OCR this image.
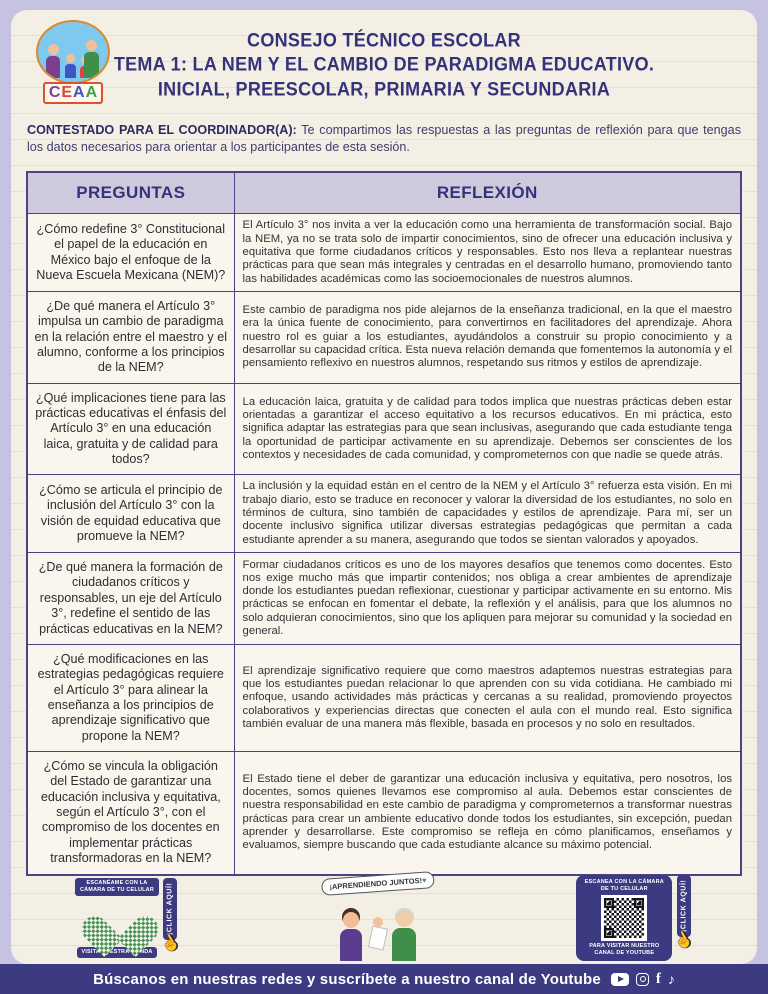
C E A A
CONSEJO TÉCNICO ESCOLAR
TEMA 1: LA NEM Y EL CAMBIO DE PARADIGMA EDUCATIVO.
INICIAL, PREESCOLAR, PRIMARIA Y SECUNDARIA

CONTESTADO PARA EL COORDINADOR(A): Te compartimos las respuestas a las preguntas de reflexión para que tengas los datos necesarios para orientar a los participantes de esta sesión.

PREGUNTAS	REFLEXIÓN
¿Cómo redefine 3° Constitucional el papel de la educación en México bajo el enfoque de la Nueva Escuela Mexicana (NEM)?	El Artículo 3° nos invita a ver la educación como una herramienta de transformación social. Bajo la NEM, ya no se trata solo de impartir conocimientos, sino de ofrecer una educación inclusiva y equitativa que forme ciudadanos críticos y responsables. Esto nos lleva a replantear nuestras prácticas para que sean más integrales y centradas en el desarrollo humano, promoviendo tanto las habilidades académicas como las socioemocionales de nuestros alumnos.
¿De qué manera el Artículo 3° impulsa un cambio de paradigma en la relación entre el maestro y el alumno, conforme a los principios de la NEM?	Este cambio de paradigma nos pide alejarnos de la enseñanza tradicional, en la que el maestro era la única fuente de conocimiento, para convertirnos en facilitadores del aprendizaje. Ahora nuestro rol es guiar a los estudiantes, ayudándolos a construir su propio conocimiento y a desarrollar su capacidad crítica. Esta nueva relación demanda que fomentemos la autonomía y el pensamiento reflexivo en nuestros alumnos, respetando sus ritmos y estilos de aprendizaje.
¿Qué implicaciones tiene para las prácticas educativas el énfasis del Artículo 3° en una educación laica, gratuita y de calidad para todos?	La educación laica, gratuita y de calidad para todos implica que nuestras prácticas deben estar orientadas a garantizar el acceso equitativo a los recursos educativos. En mi práctica, esto significa adaptar las estrategias para que sean inclusivas, asegurando que cada estudiante tenga la oportunidad de participar activamente en su aprendizaje. Debemos ser conscientes de los contextos y necesidades de cada comunidad, y comprometernos con que nadie se quede atrás.
¿Cómo se articula el principio de inclusión del Artículo 3° con la visión de equidad educativa que promueve la NEM?	La inclusión y la equidad están en el centro de la NEM y el Artículo 3° refuerza esta visión. En mi trabajo diario, esto se traduce en reconocer y valorar la diversidad de los estudiantes, no solo en términos de cultura, sino también de capacidades y estilos de aprendizaje. Para mí, ser un docente inclusivo significa utilizar diversas estrategias pedagógicas que permitan a cada estudiante aprender a su manera, asegurando que todos se sientan valorados y apoyados.
¿De qué manera la formación de ciudadanos críticos y responsables, un eje del Artículo 3°, redefine el sentido de las prácticas educativas en la NEM?	Formar ciudadanos críticos es uno de los mayores desafíos que tenemos como docentes. Esto nos exige mucho más que impartir contenidos; nos obliga a crear ambientes de aprendizaje donde los estudiantes puedan reflexionar, cuestionar y participar activamente en su entorno. Mis prácticas se enfocan en fomentar el debate, la reflexión y el análisis, para que los alumnos no solo adquieran conocimientos, sino que los apliquen para mejorar su comunidad y la sociedad en general.
¿Qué modificaciones en las estrategias pedagógicas requiere el Artículo 3° para alinear la enseñanza a los principios de aprendizaje significativo que propone la NEM?	El aprendizaje significativo requiere que como maestros adaptemos nuestras estrategias para que los estudiantes puedan relacionar lo que aprenden con su vida cotidiana. He cambiado mi enfoque, usando actividades más prácticas y cercanas a su realidad, promoviendo proyectos colaborativos y experiencias directas que conecten el aula con el mundo real. Esto significa también evaluar de una manera más flexible, basada en procesos y no solo en resultados.
¿Cómo se vincula la obligación del Estado de garantizar una educación inclusiva y equitativa, según el Artículo 3°, con el compromiso de los docentes en implementar prácticas transformadoras en la NEM?	El Estado tiene el deber de garantizar una educación inclusiva y equitativa, pero nosotros, los docentes, somos quienes llevamos ese compromiso al aula. Debemos estar conscientes de nuestra responsabilidad en este cambio de paradigma y comprometernos a transformar nuestras prácticas para crear un ambiente educativo donde todos los estudiantes, sin excepción, puedan aprender y desarrollarse. Este compromiso se refleja en cómo planificamos, enseñamos y evaluamos, siempre buscando que cada estudiante alcance su máximo potencial.
ESCANÉAME CON LA CÁMARA DE TU CELULAR
VISITA NUESTRA TIENDA
¡CLICK AQUÍ!
☝
¡APRENDIENDO JUNTOS!♥	ESCANEA CON LA CÁMARA DE TU CELULAR
PARA VISITAR NUESTRO CANAL DE YOUTUBE
¡CLICK AQUÍ!
☝
Búscanos en nuestras redes y suscríbete a nuestro canal de Youtube	f ♪
